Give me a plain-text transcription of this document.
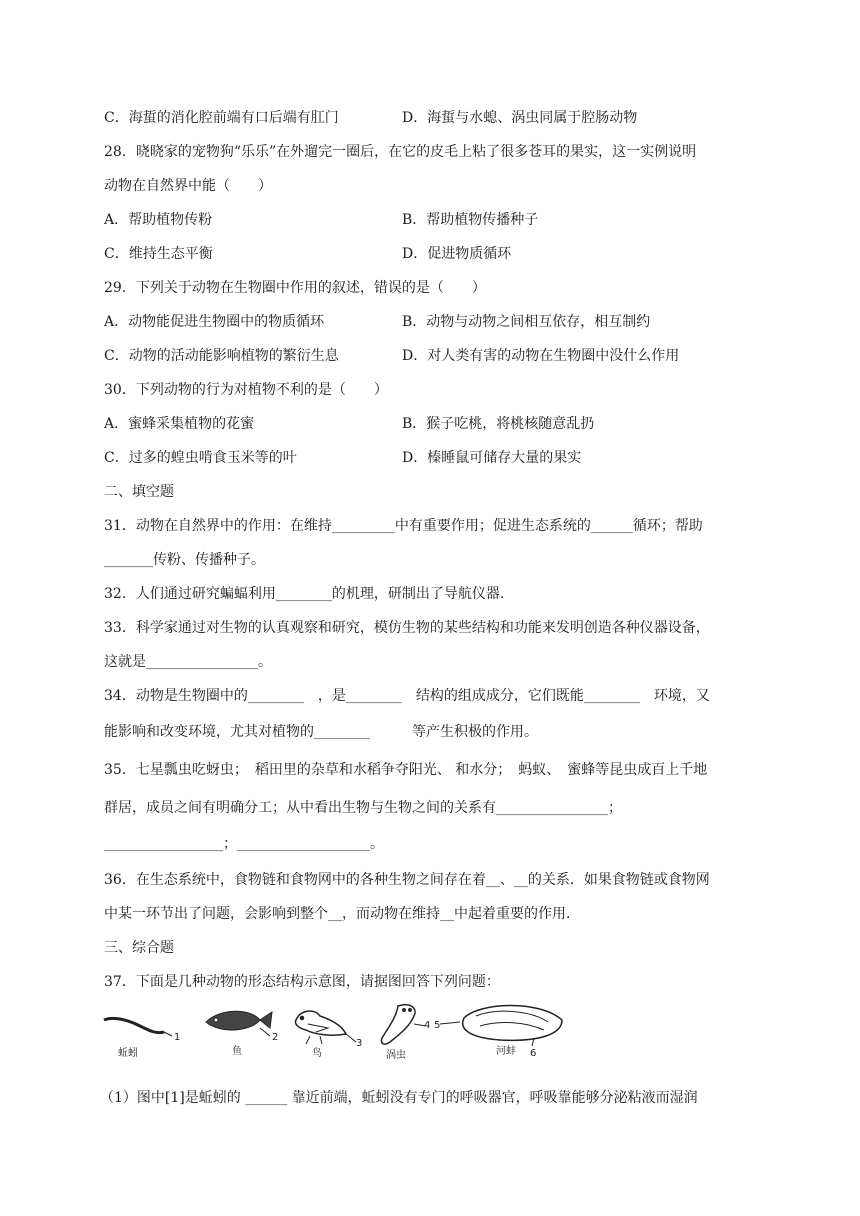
C．海蜇的消化腔前端有口后端有肛门	D．海蜇与水螅、涡虫同属于腔肠动物
28．晓晓家的宠物狗“乐乐”在外遛完一圈后，在它的皮毛上粘了很多苍耳的果实，这一实例说明
动物在自然界中能（　　）
A．帮助植物传粉	B．帮助植物传播种子
C．维持生态平衡	D．促进物质循环
29．下列关于动物在生物圈中作用的叙述，错误的是（　　）
A．动物能促进生物圈中的物质循环	B．动物与动物之间相互依存，相互制约
C．动物的活动能影响植物的繁衍生息	D．对人类有害的动物在生物圈中没什么作用
30．下列动物的行为对植物不利的是（　　）
A．蜜蜂采集植物的花蜜	B．猴子吃桃，将桃核随意乱扔
C．过多的蝗虫啃食玉米等的叶	D．榛睡鼠可储存大量的果实
二、填空题
31．动物在自然界中的作用：在维持_________中有重要作用；促进生态系统的______循环；帮助
_______传粉、传播种子。
32．人们通过研究蝙蝠利用________的机理，研制出了导航仪器.
33．科学家通过对生物的认真观察和研究，模仿生物的某些结构和功能来发明创造各种仪器设备，
这就是________________。
34．动物是生物圈中的________　，是________　结构的组成成分，它们既能________　环境，又
能影响和改变环境，尤其对植物的________　　　等产生积极的作用。
35．七星瓢虫吃蚜虫；　稻田里的杂草和水稻争夺阳光、 和水分；　蚂蚁、　蜜蜂等昆虫成百上千地
群居，成员之间有明确分工；从中看出生物与生物之间的关系有________________；
_________________；___________________。
36．在生态系统中，食物链和食物网中的各种生物之间存在着__、__的关系．如果食物链或食物网
中某一环节出了问题，会影响到整个__，而动物在维持__中起着重要的作用．
三、综合题
37．下面是几种动物的形态结构示意图，请据图回答下列问题：
1
蚯蚓
2
鱼
3
鸟
4
涡虫
5
6
河蚌
（1）图中[1]是蚯蚓的 ______ 靠近前端，蚯蚓没有专门的呼吸器官，呼吸靠能够分泌粘液而湿润
